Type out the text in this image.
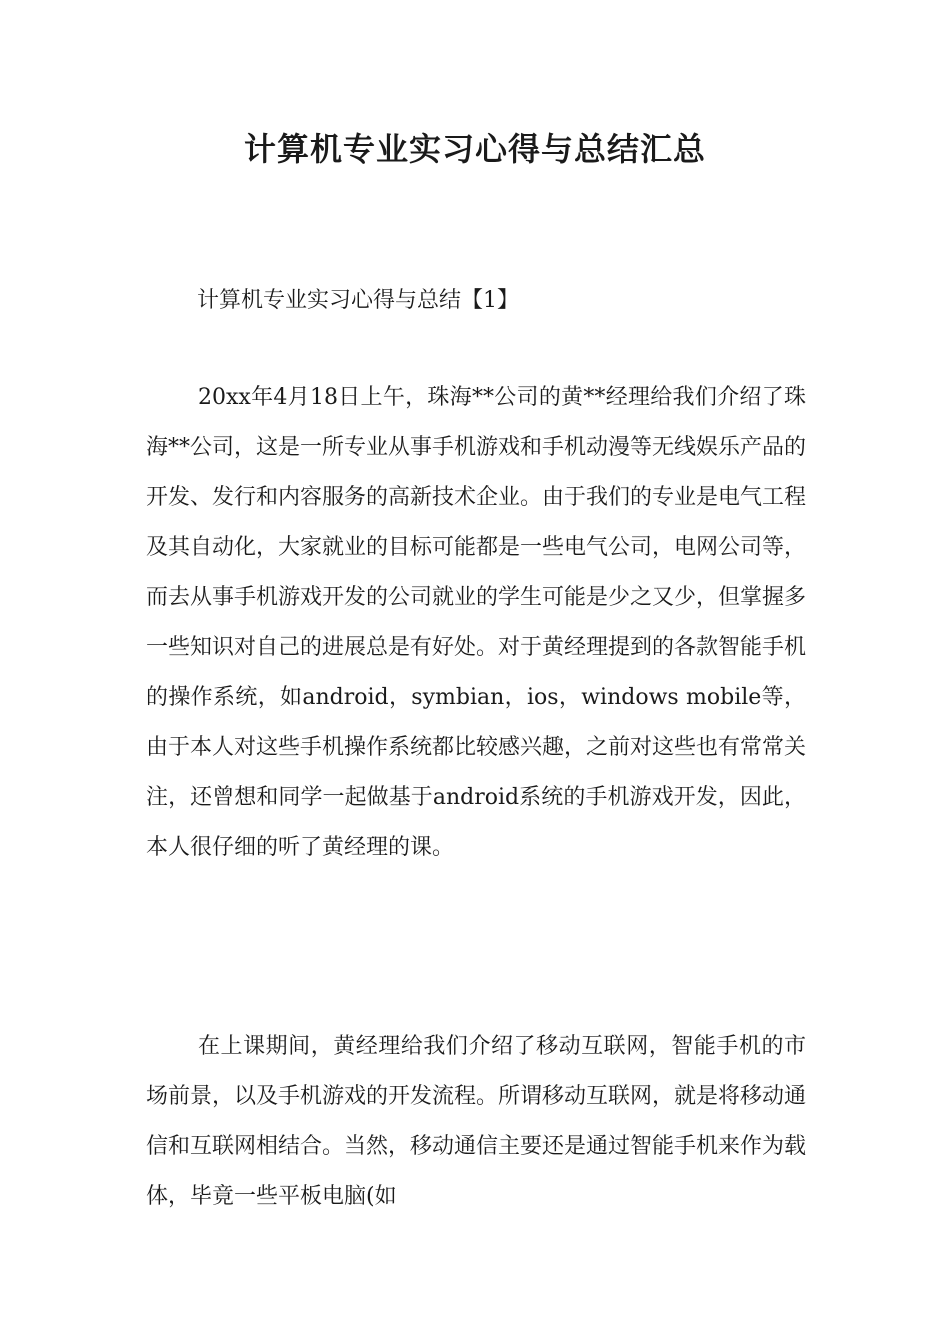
计算机专业实习心得与总结汇总

计算机专业实习心得与总结【1】

20xx年4月18日上午，珠海**公司的黄**经理给我们介绍了珠海**公司，这是一所专业从事手机游戏和手机动漫等无线娱乐产品的开发、发行和内容服务的高新技术企业。由于我们的专业是电气工程及其自动化，大家就业的目标可能都是一些电气公司，电网公司等，而去从事手机游戏开发的公司就业的学生可能是少之又少，但掌握多一些知识对自己的进展总是有好处。对于黄经理提到的各款智能手机的操作系统，如android，symbian，ios，windows mobile等，由于本人对这些手机操作系统都比较感兴趣，之前对这些也有常常关注，还曾想和同学一起做基于android系统的手机游戏开发，因此，本人很仔细的听了黄经理的课。

在上课期间，黄经理给我们介绍了移动互联网，智能手机的市场前景，以及手机游戏的开发流程。所谓移动互联网，就是将移动通信和互联网相结合。当然，移动通信主要还是通过智能手机来作为载体，毕竟一些平板电脑(如
